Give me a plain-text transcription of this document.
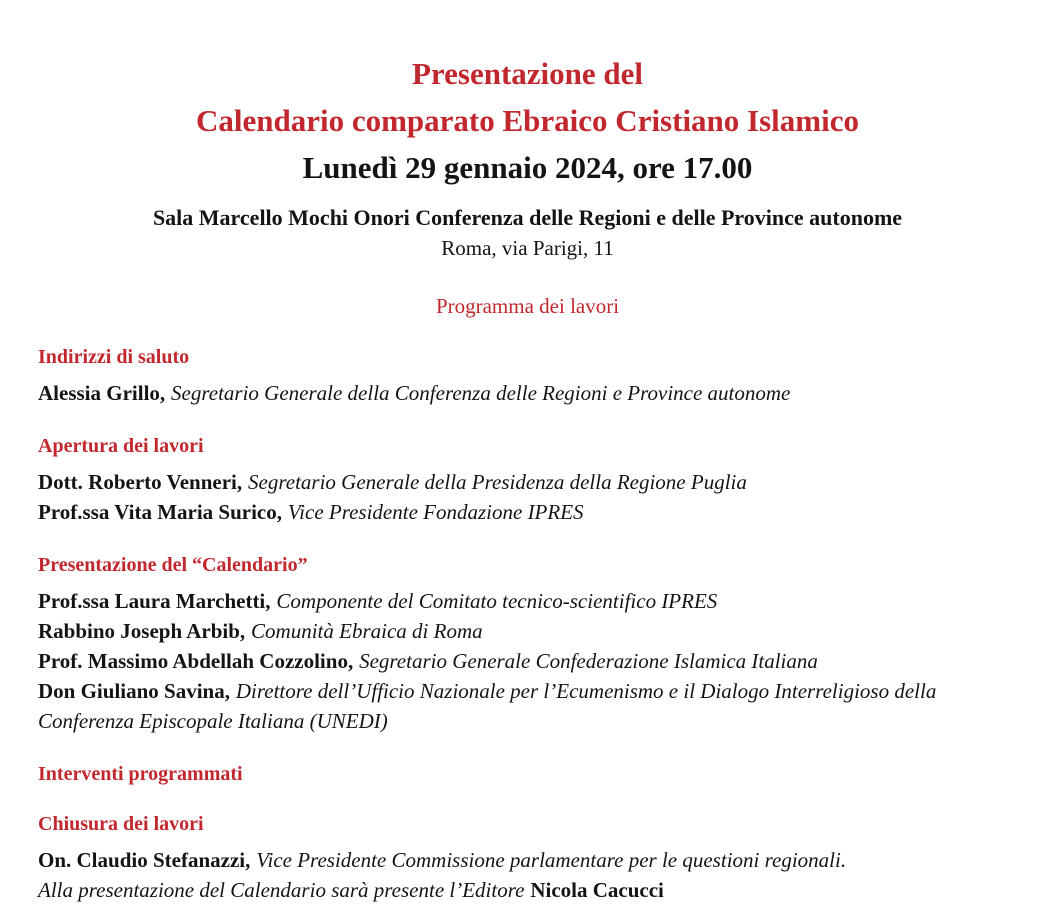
Presentazione del
Calendario comparato Ebraico Cristiano Islamico
Lunedì 29 gennaio 2024, ore 17.00
Sala Marcello Mochi Onori Conferenza delle Regioni e delle Province autonome
Roma, via Parigi, 11
Programma dei lavori
Indirizzi di saluto

Alessia Grillo, Segretario Generale della Conferenza delle Regioni e Province autonome

Apertura dei lavori

Dott. Roberto Venneri, Segretario Generale della Presidenza della Regione Puglia

Prof.ssa Vita Maria Surico, Vice Presidente Fondazione IPRES

Presentazione del “Calendario”

Prof.ssa Laura Marchetti, Componente del Comitato tecnico-scientifico IPRES

Rabbino Joseph Arbib, Comunità Ebraica di Roma

Prof. Massimo Abdellah Cozzolino, Segretario Generale Confederazione Islamica Italiana

Don Giuliano Savina, Direttore dell’Ufficio Nazionale per l’Ecumenismo e il Dialogo Interreligioso della Conferenza Episcopale Italiana (UNEDI)

Interventi programmati
Chiusura dei lavori

On. Claudio Stefanazzi, Vice Presidente Commissione parlamentare per le questioni regionali.

Alla presentazione del Calendario sarà presente l’Editore Nicola Cacucci
